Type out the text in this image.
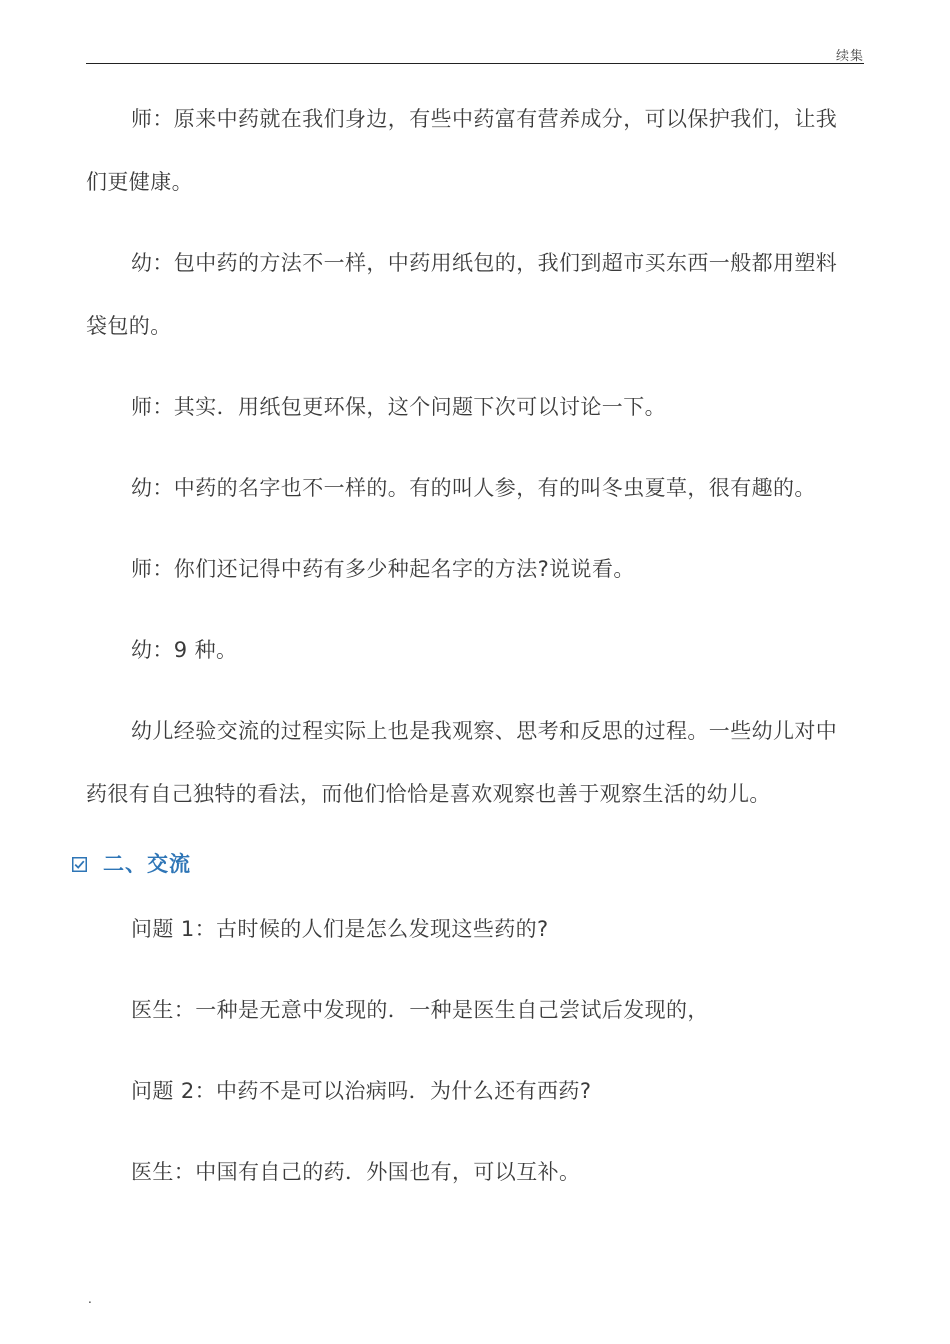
续集

师：原来中药就在我们身边，有些中药富有营养成分，可以保护我们，让我们更健康。

幼：包中药的方法不一样，中药用纸包的，我们到超市买东西一般都用塑料袋包的。

师：其实．用纸包更环保，这个问题下次可以讨论一下。

幼：中药的名字也不一样的。有的叫人参，有的叫冬虫夏草，很有趣的。

师：你们还记得中药有多少种起名字的方法?说说看。

幼：9 种。

幼儿经验交流的过程实际上也是我观察、思考和反思的过程。一些幼儿对中药很有自己独特的看法，而他们恰恰是喜欢观察也善于观察生活的幼儿。

二、交流

问题 1：古时候的人们是怎么发现这些药的?

医生：一种是无意中发现的．一种是医生自己尝试后发现的，

问题 2：中药不是可以治病吗．为什么还有西药?

医生：中国有自己的药．外国也有，可以互补。

.
